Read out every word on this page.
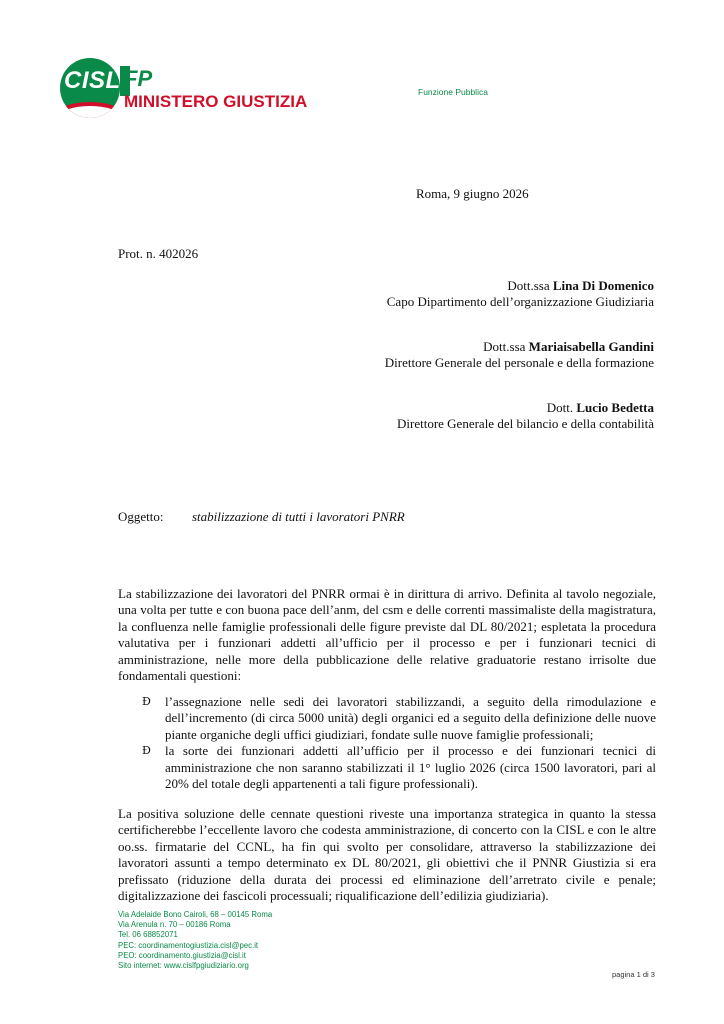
CISL FP
MINISTERO GIUSTIZIA	Funzione Pubblica
Roma, 9 giugno 2026
Prot. n. 402026
Dott.ssa Lina Di Domenico
Capo Dipartimento dell’organizzazione Giudiziaria
Dott.ssa Mariaisabella Gandini
Direttore Generale del personale e della formazione
Dott. Lucio Bedetta
Direttore Generale del bilancio e della contabilità
Oggetto: stabilizzazione di tutti i lavoratori PNRR
La stabilizzazione dei lavoratori del PNRR ormai è in dirittura di arrivo. Definita al tavolo negoziale, una volta per tutte e con buona pace dell’anm, del csm e delle correnti massimaliste della magistratura, la confluenza nelle famiglie professionali delle figure previste dal DL 80/2021; espletata la procedura valutativa per i funzionari addetti all’ufficio per il processo e per i funzionari tecnici di amministrazione, nelle more della pubblicazione delle relative graduatorie restano irrisolte due fondamentali questioni:
Ð l’assegnazione nelle sedi dei lavoratori stabilizzandi, a seguito della rimodulazione e dell’incremento (di circa 5000 unità) degli organici ed a seguito della definizione delle nuove piante organiche degli uffici giudiziari, fondate sulle nuove famiglie professionali;
Ð la sorte dei funzionari addetti all’ufficio per il processo e dei funzionari tecnici di amministrazione che non saranno stabilizzati il 1° luglio 2026 (circa 1500 lavoratori, pari al 20% del totale degli appartenenti a tali figure professionali).
La positiva soluzione delle cennate questioni riveste una importanza strategica in quanto la stessa certificherebbe l’eccellente lavoro che codesta amministrazione, di concerto con la CISL e con le altre oo.ss. firmatarie del CCNL, ha fin qui svolto per consolidare, attraverso la stabilizzazione dei lavoratori assunti a tempo determinato ex DL 80/2021, gli obiettivi che il PNNR Giustizia si era prefissato (riduzione della durata dei processi ed eliminazione dell’arretrato civile e penale; digitalizzazione dei fascicoli processuali; riqualificazione dell’edilizia giudiziaria).
Via Adelaide Bono Cairoli, 68 – 00145 Roma
Via Arenula n. 70 – 00186 Roma
Tel. 06 68852071
PEC: coordinamentogiustizia.cisl@pec.it
PEO: coordinamento.giustizia@cisl.it
Sito internet: www.cislfpgiudiziario.org
pagina 1 di 3
